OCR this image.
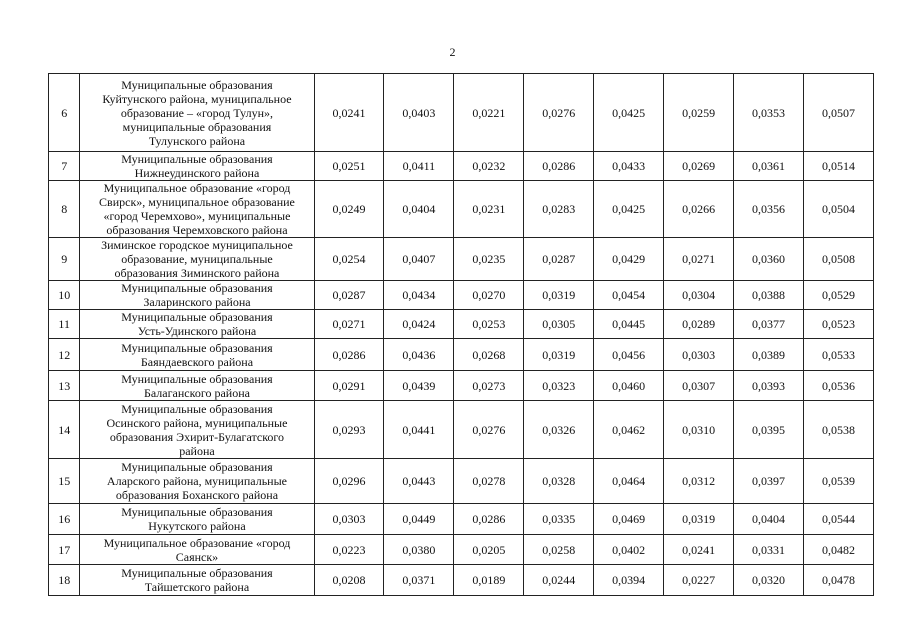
2
6	Муниципальные образования
Куйтунского района, муниципальное
образование – «город Тулун»,
муниципальные образования
Тулунского района	0,0241	0,0403	0,0221	0,0276	0,0425	0,0259	0,0353	0,0507
7	Муниципальные образования
Нижнеудинского района	0,0251	0,0411	0,0232	0,0286	0,0433	0,0269	0,0361	0,0514
8	Муниципальное образование «город
Свирск», муниципальное образование
«город Черемхово», муниципальные
образования Черемховского района	0,0249	0,0404	0,0231	0,0283	0,0425	0,0266	0,0356	0,0504
9	Зиминское городское муниципальное
образование, муниципальные
образования Зиминского района	0,0254	0,0407	0,0235	0,0287	0,0429	0,0271	0,0360	0,0508
10	Муниципальные образования
Заларинского района	0,0287	0,0434	0,0270	0,0319	0,0454	0,0304	0,0388	0,0529
11	Муниципальные образования
Усть-Удинского района	0,0271	0,0424	0,0253	0,0305	0,0445	0,0289	0,0377	0,0523
12	Муниципальные образования
Баяндаевского района	0,0286	0,0436	0,0268	0,0319	0,0456	0,0303	0,0389	0,0533
13	Муниципальные образования
Балаганского района	0,0291	0,0439	0,0273	0,0323	0,0460	0,0307	0,0393	0,0536
14	Муниципальные образования
Осинского района, муниципальные
образования Эхирит-Булагатского
района	0,0293	0,0441	0,0276	0,0326	0,0462	0,0310	0,0395	0,0538
15	Муниципальные образования
Аларского района, муниципальные
образования Боханского района	0,0296	0,0443	0,0278	0,0328	0,0464	0,0312	0,0397	0,0539
16	Муниципальные образования
Нукутского района	0,0303	0,0449	0,0286	0,0335	0,0469	0,0319	0,0404	0,0544
17	Муниципальное образование «город
Саянск»	0,0223	0,0380	0,0205	0,0258	0,0402	0,0241	0,0331	0,0482
18	Муниципальные образования
Тайшетского района	0,0208	0,0371	0,0189	0,0244	0,0394	0,0227	0,0320	0,0478
